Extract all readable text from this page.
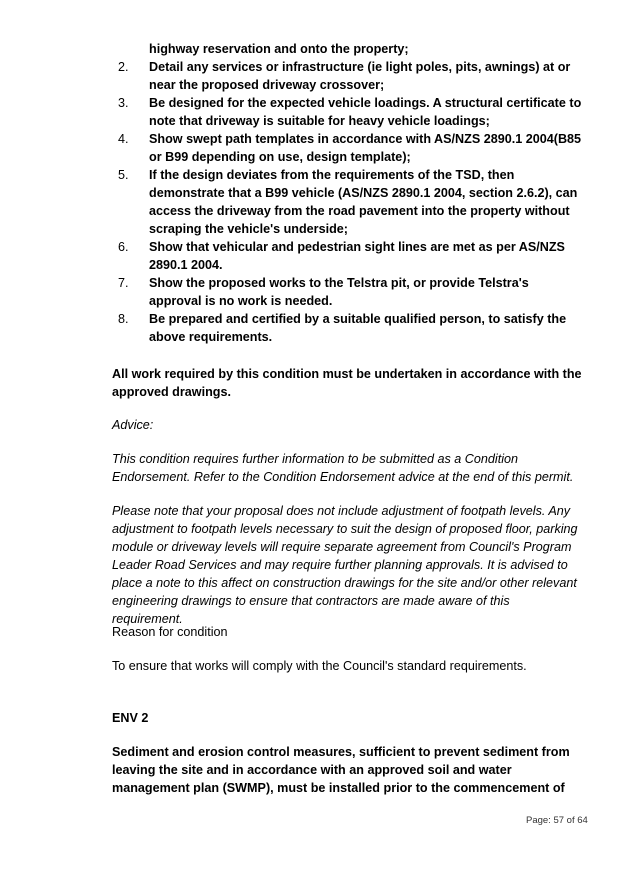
highway reservation and onto the property;
2. Detail any services or infrastructure (ie light poles, pits, awnings) at or near the proposed driveway crossover;
3. Be designed for the expected vehicle loadings. A structural certificate to note that driveway is suitable for heavy vehicle loadings;
4. Show swept path templates in accordance with AS/NZS 2890.1 2004(B85 or B99 depending on use, design template);
5. If the design deviates from the requirements of the TSD, then demonstrate that a B99 vehicle (AS/NZS 2890.1 2004, section 2.6.2), can access the driveway from the road pavement into the property without scraping the vehicle's underside;
6. Show that vehicular and pedestrian sight lines are met as per AS/NZS 2890.1 2004.
7. Show the proposed works to the Telstra pit, or provide Telstra's approval is no work is needed.
8. Be prepared and certified by a suitable qualified person, to satisfy the above requirements.
All work required by this condition must be undertaken in accordance with the approved drawings.
Advice:
This condition requires further information to be submitted as a Condition Endorsement. Refer to the Condition Endorsement advice at the end of this permit.
Please note that your proposal does not include adjustment of footpath levels. Any adjustment to footpath levels necessary to suit the design of proposed floor, parking module or driveway levels will require separate agreement from Council's Program Leader Road Services and may require further planning approvals. It is advised to place a note to this affect on construction drawings for the site and/or other relevant engineering drawings to ensure that contractors are made aware of this requirement.
Reason for condition
To ensure that works will comply with the Council's standard requirements.
ENV 2
Sediment and erosion control measures, sufficient to prevent sediment from leaving the site and in accordance with an approved soil and water management plan (SWMP), must be installed prior to the commencement of
Page: 57 of 64
